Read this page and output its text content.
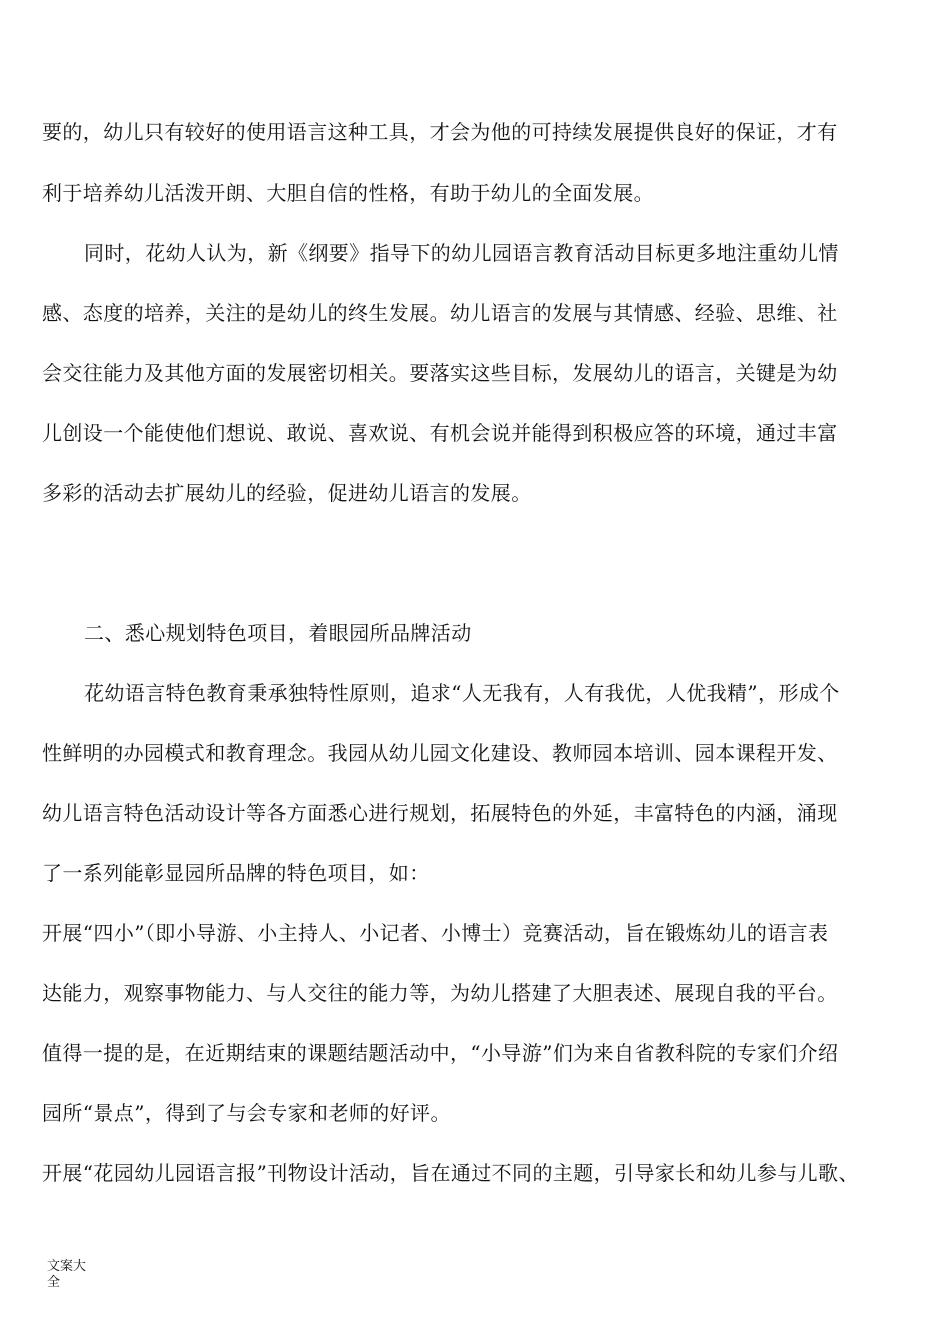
要的，幼儿只有较好的使用语言这种工具，才会为他的可持续发展提供良好的保证，才有
利于培养幼儿活泼开朗、大胆自信的性格，有助于幼儿的全面发展。
同时，花幼人认为，新《纲要》指导下的幼儿园语言教育活动目标更多地注重幼儿情
感、态度的培养，关注的是幼儿的终生发展。幼儿语言的发展与其情感、经验、思维、社
会交往能力及其他方面的发展密切相关。要落实这些目标，发展幼儿的语言，关键是为幼
儿创设一个能使他们想说、敢说、喜欢说、有机会说并能得到积极应答的环境，通过丰富
多彩的活动去扩展幼儿的经验，促进幼儿语言的发展。
二、悉心规划特色项目，着眼园所品牌活动
花幼语言特色教育秉承独特性原则，追求“人无我有，人有我优，人优我精”，形成个
性鲜明的办园模式和教育理念。我园从幼儿园文化建设、教师园本培训、园本课程开发、
幼儿语言特色活动设计等各方面悉心进行规划，拓展特色的外延，丰富特色的内涵，涌现
了一系列能彰显园所品牌的特色项目，如：
开展“四小”（即小导游、小主持人、小记者、小博士）竞赛活动，旨在锻炼幼儿的语言表
达能力，观察事物能力、与人交往的能力等，为幼儿搭建了大胆表述、展现自我的平台。
值得一提的是，在近期结束的课题结题活动中，“小导游”们为来自省教科院的专家们介绍
园所“景点”，得到了与会专家和老师的好评。
开展“花园幼儿园语言报”刊物设计活动，旨在通过不同的主题，引导家长和幼儿参与儿歌、
文案大
全
